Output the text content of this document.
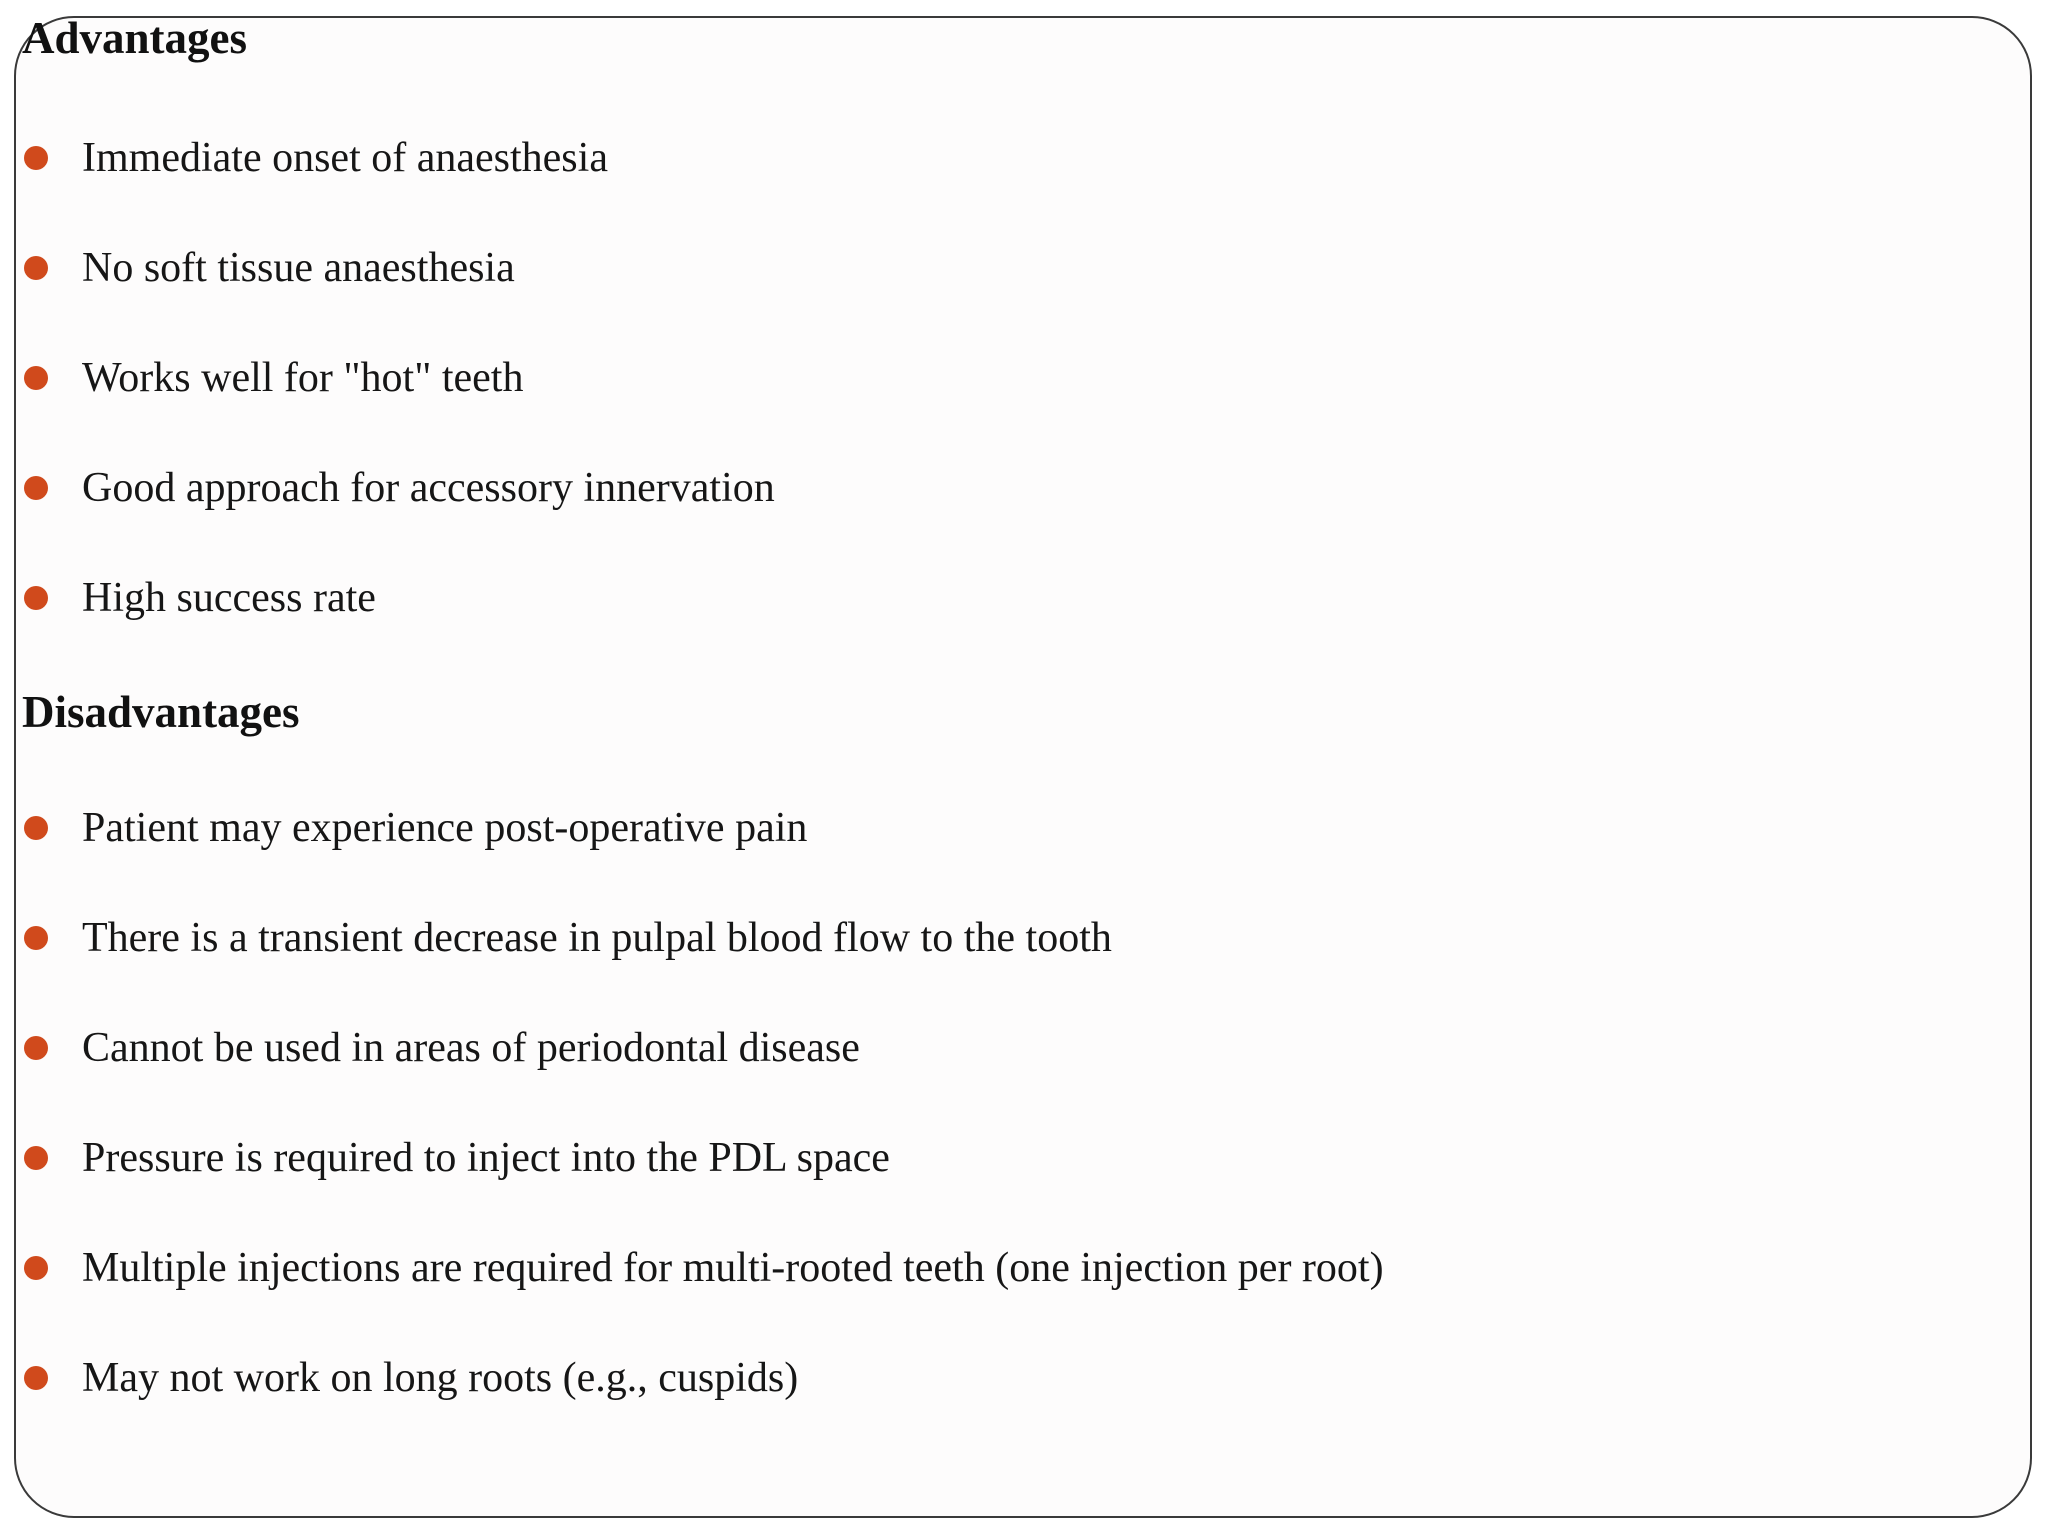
Advantages
Immediate onset of anaesthesia
No soft tissue anaesthesia
Works well for "hot" teeth
Good approach for accessory innervation
High success rate
Disadvantages
Patient may experience post-operative pain
There is a transient decrease in pulpal blood flow to the tooth
Cannot be used in areas of periodontal disease
Pressure is required to inject into the PDL space
Multiple injections are required for multi-rooted teeth (one injection per root)
May not work on long roots (e.g., cuspids)
